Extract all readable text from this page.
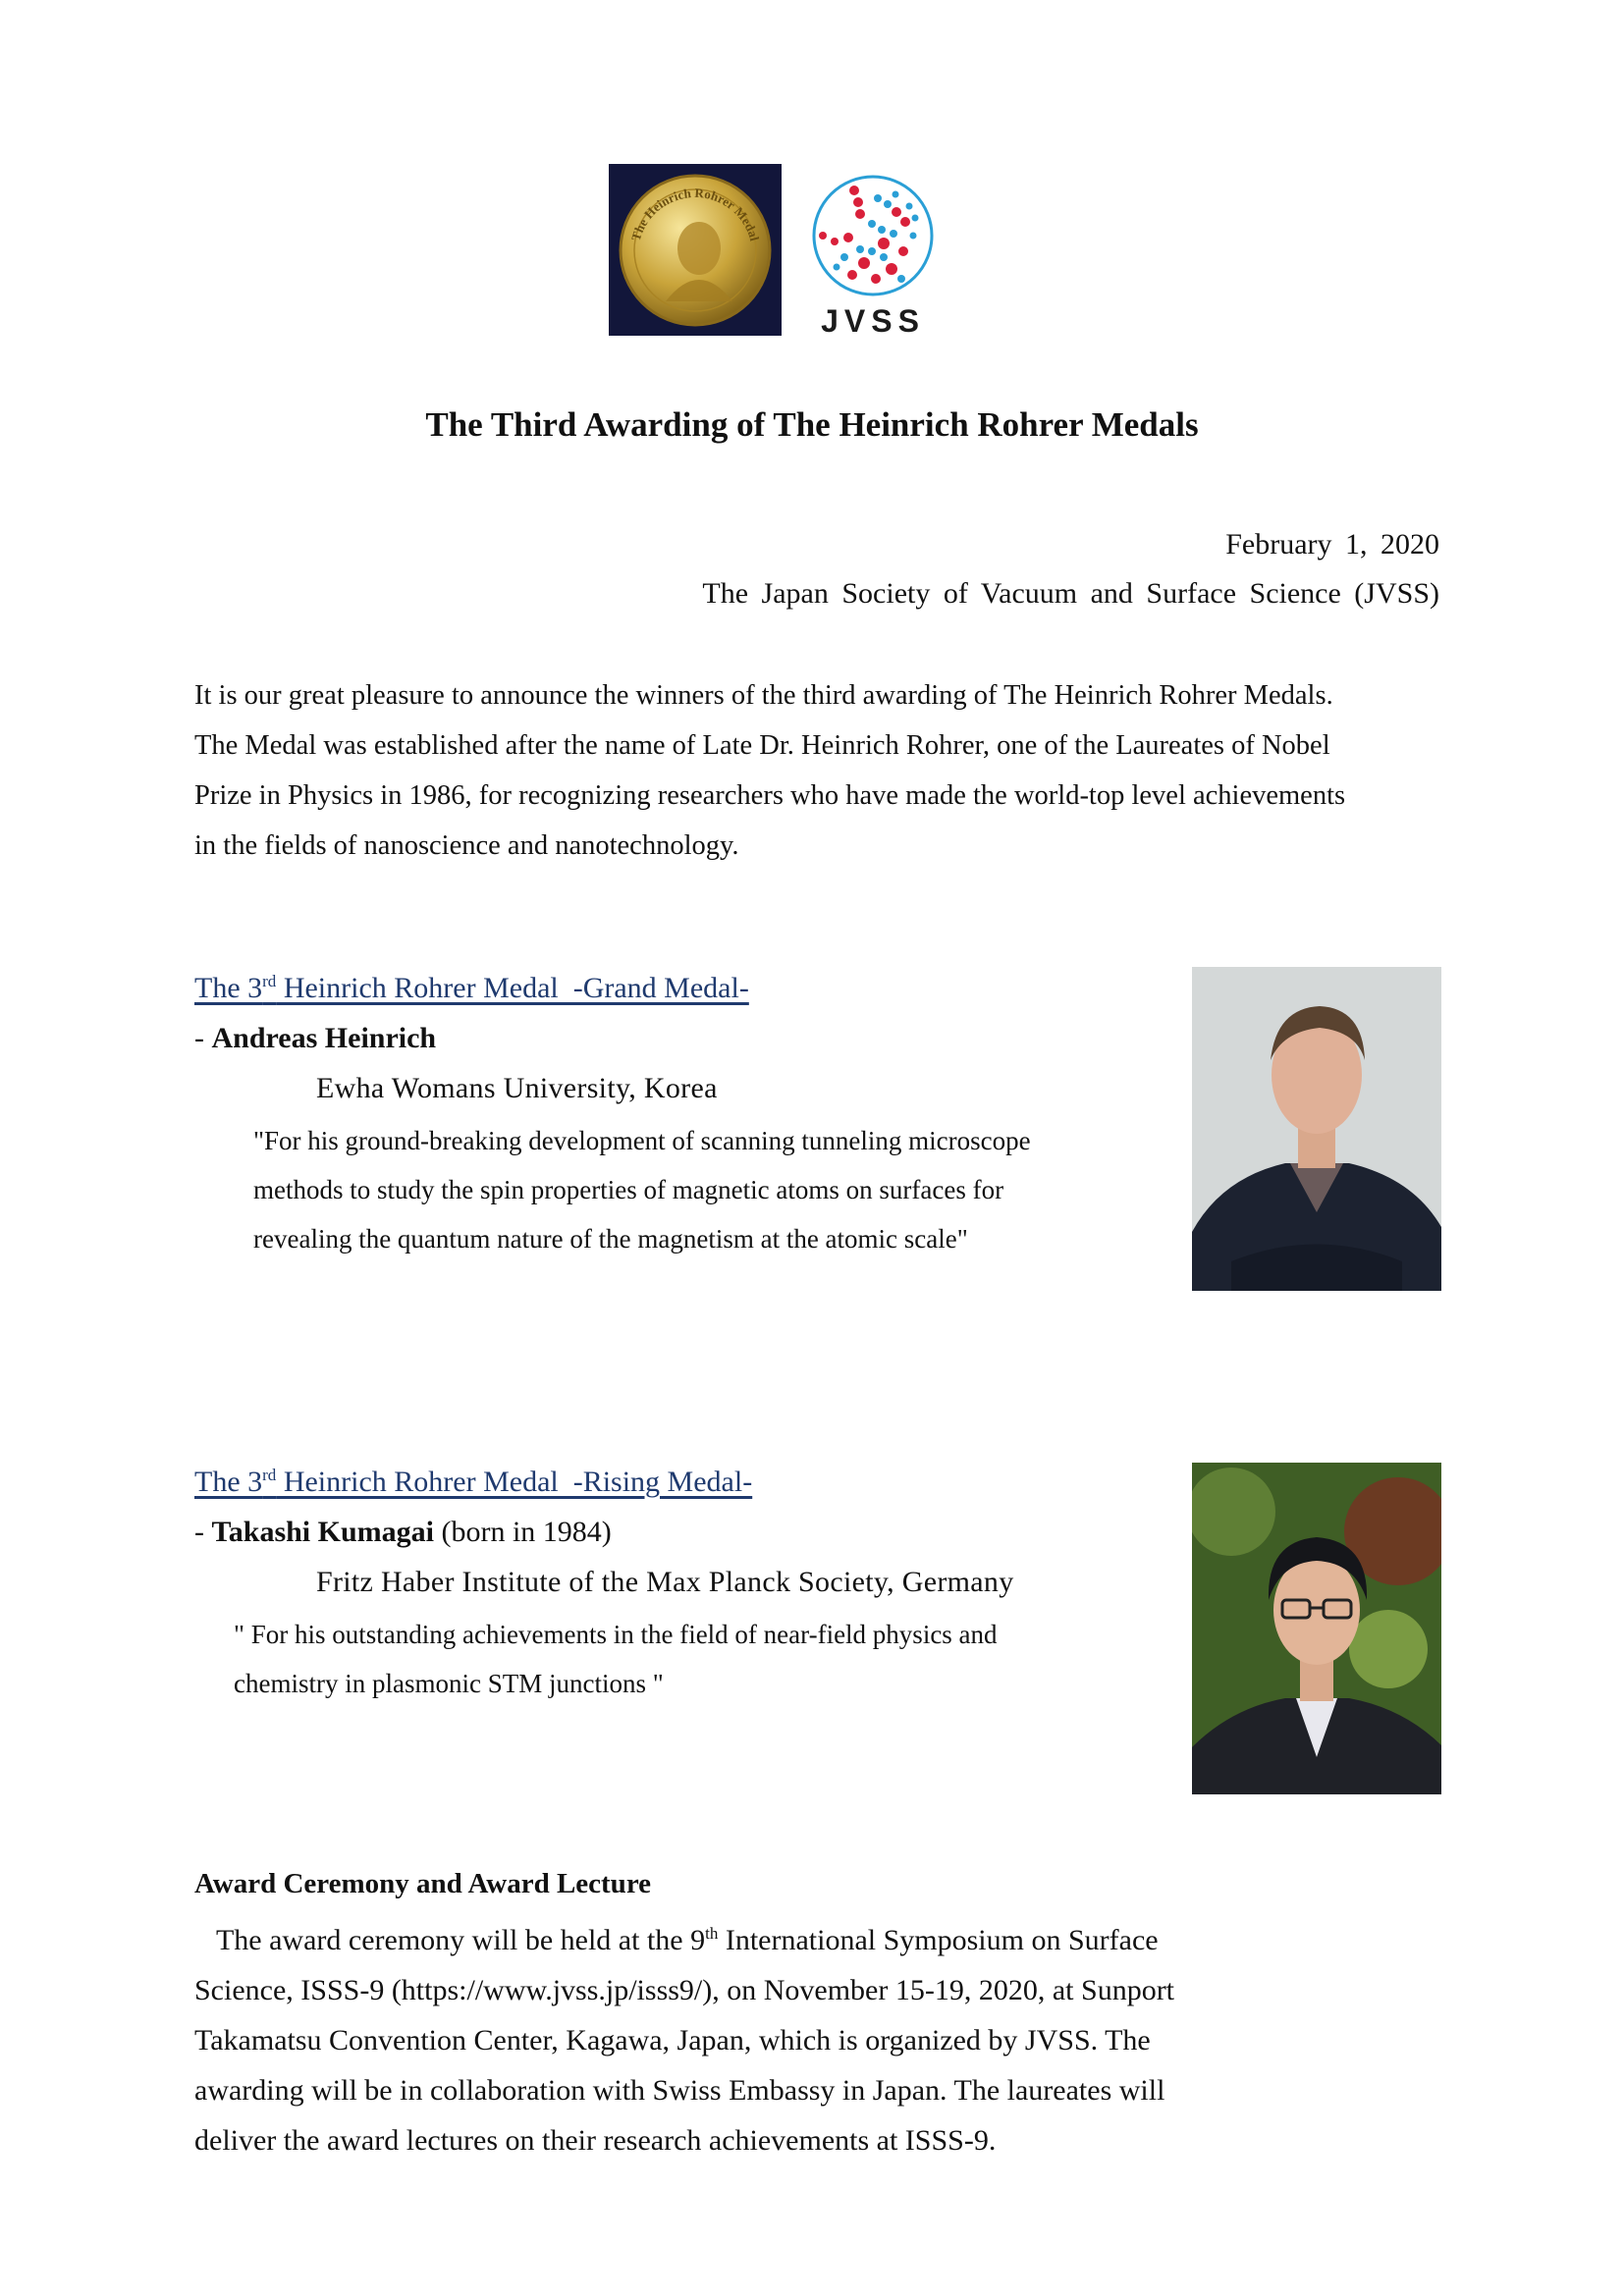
The Heinrich Rohrer Medal
JVSS
The Third Awarding of The Heinrich Rohrer Medals
February 1, 2020
The Japan Society of Vacuum and Surface Science (JVSS)

It is our great pleasure to announce the winners of the third awarding of The Heinrich Rohrer Medals.

The Medal was established after the name of Late Dr. Heinrich Rohrer, one of the Laureates of Nobel

Prize in Physics in 1986, for recognizing researchers who have made the world-top level achievements

in the fields of nanoscience and nanotechnology.

The 3rd Heinrich Rohrer Medal  -Grand Medal-
- Andreas Heinrich
Ewha Womans University, Korea

"For his ground-breaking development of scanning tunneling microscope

methods to study the spin properties of magnetic atoms on surfaces for

revealing the quantum nature of the magnetism at the atomic scale"

The 3rd Heinrich Rohrer Medal  -Rising Medal-
- Takashi Kumagai (born in 1984)
Fritz Haber Institute of the Max Planck Society, Germany

" For his outstanding achievements in the field of near-field physics and

chemistry in plasmonic STM junctions "

Award Ceremony and Award Lecture

The award ceremony will be held at the 9th International Symposium on Surface

Science, ISSS-9 (https://www.jvss.jp/isss9/), on November 15-19, 2020, at Sunport

Takamatsu Convention Center, Kagawa, Japan, which is organized by JVSS. The

awarding will be in collaboration with Swiss Embassy in Japan. The laureates will

deliver the award lectures on their research achievements at ISSS-9.
